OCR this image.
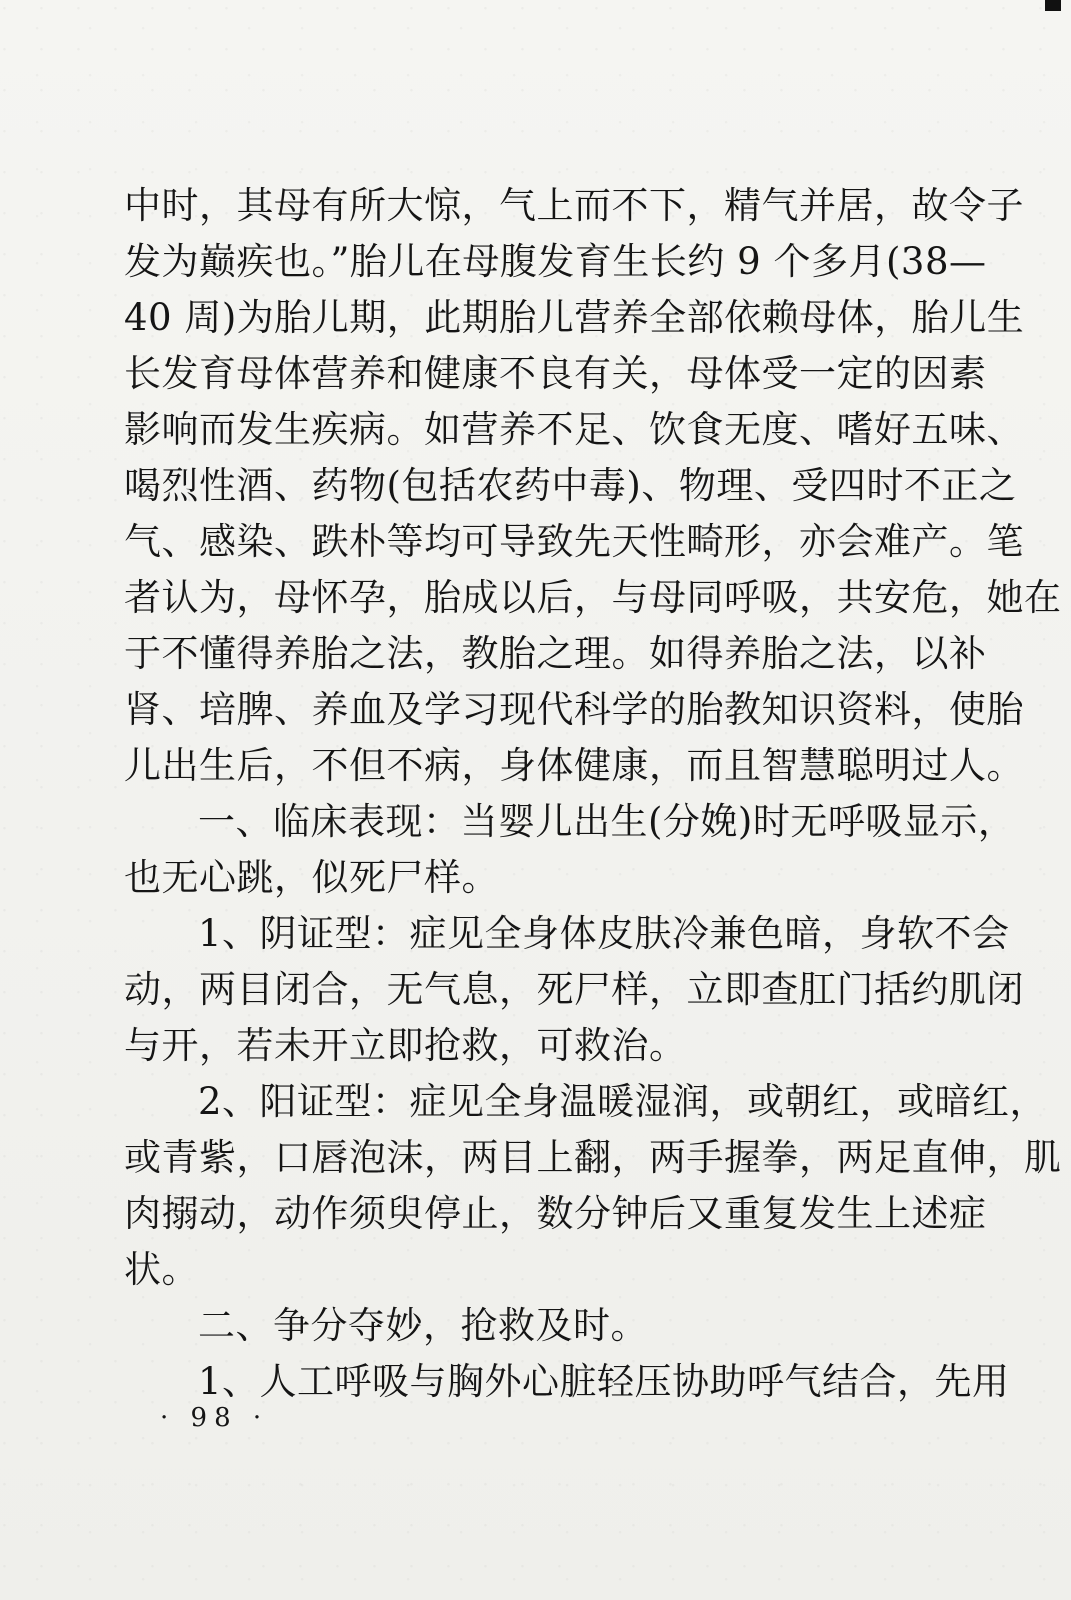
中时，其母有所大惊，气上而不下，精气并居，故令子
发为巅疾也。”胎儿在母腹发育生长约 9 个多月(38—
40 周)为胎儿期，此期胎儿营养全部依赖母体，胎儿生
长发育母体营养和健康不良有关，母体受一定的因素
影响而发生疾病。如营养不足、饮食无度、嗜好五味、
喝烈性酒、药物(包括农药中毒)、物理、受四时不正之
气、感染、跌朴等均可导致先天性畸形，亦会难产。笔
者认为，母怀孕，胎成以后，与母同呼吸，共安危，她在
于不懂得养胎之法，教胎之理。如得养胎之法，以补
肾、培脾、养血及学习现代科学的胎教知识资料，使胎
儿出生后，不但不病，身体健康，而且智慧聪明过人。
一、临床表现：当婴儿出生(分娩)时无呼吸显示，
也无心跳，似死尸样。
1、阴证型：症见全身体皮肤冷兼色暗，身软不会
动，两目闭合，无气息，死尸样，立即查肛门括约肌闭
与开，若未开立即抢救，可救治。
2、阳证型：症见全身温暖湿润，或朝红，或暗红，
或青紫，口唇泡沫，两目上翻，两手握拳，两足直伸，肌
肉搦动，动作须臾停止，数分钟后又重复发生上述症
状。
二、争分夺妙，抢救及时。
1、人工呼吸与胸外心脏轻压协助呼气结合，先用
· 98 ·
